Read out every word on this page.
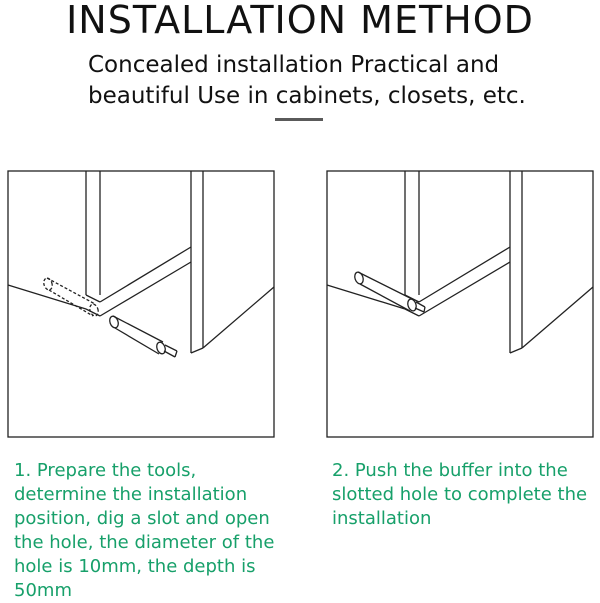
INSTALLATION METHOD
Concealed installation Practical and
beautiful Use in cabinets, closets, etc.
1. Prepare the tools,
determine the installation
position, dig a slot and open
the hole, the diameter of the
hole is 10mm, the depth is
50mm
2. Push the buffer into the
slotted hole to complete the
installation
